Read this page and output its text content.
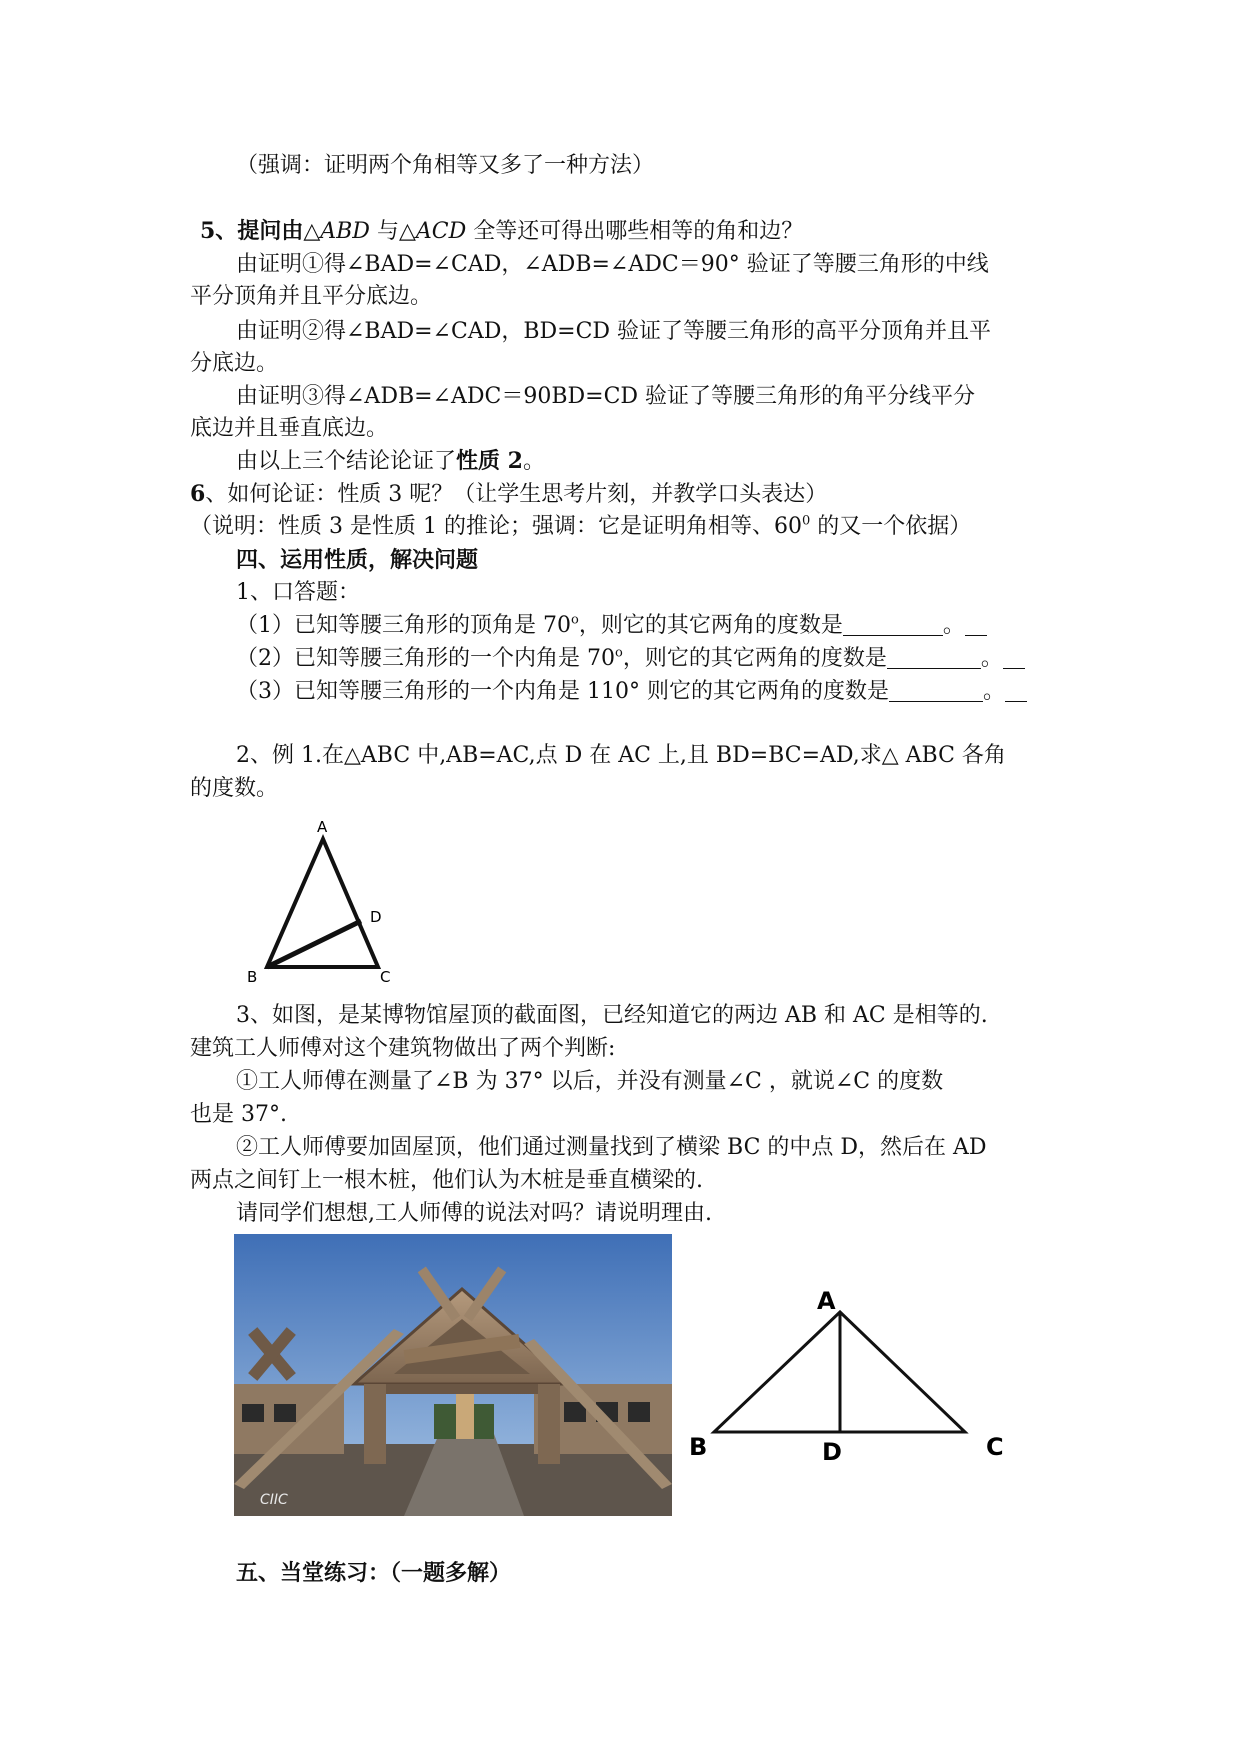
（强调：证明两个角相等又多了一种方法）
5、提问由△ABD 与△ACD 全等还可得出哪些相等的角和边？
由证明①得∠BAD=∠CAD，∠ADB=∠ADC＝90° 验证了等腰三角形的中线
平分顶角并且平分底边。
由证明②得∠BAD=∠CAD，BD=CD 验证了等腰三角形的高平分顶角并且平
分底边。
由证明③得∠ADB=∠ADC＝90BD=CD 验证了等腰三角形的角平分线平分
底边并且垂直底边。
由以上三个结论论证了性质 2。
6、如何论证：性质 3 呢？（让学生思考片刻，并教学口头表达）
（说明：性质 3 是性质 1 的推论；强调：它是证明角相等、$60^0$ 的又一个依据）
四、运用性质，解决问题
1、口答题：
（1）已知等腰三角形的顶角是 70$^o$，则它的其它两角的度数是	。
（2）已知等腰三角形的一个内角是 70$^o$，则它的其它两角的度数是	。
（3）已知等腰三角形的一个内角是 110° 则它的其它两角的度数是	。
2、例 1.在△ABC 中,AB=AC,点 D 在 AC 上,且 BD=BC=AD,求△ ABC 各角
的度数。
A
B	C
D
3、如图，是某博物馆屋顶的截面图，已经知道它的两边 AB 和 AC 是相等的.
建筑工人师傅对这个建筑物做出了两个判断:
①工人师傅在测量了∠B 为 37° 以后，并没有测量∠C ，就说∠C 的度数
也是 37°.
②工人师傅要加固屋顶，他们通过测量找到了横梁 BC 的中点 D，然后在 AD
两点之间钉上一根木桩，他们认为木桩是垂直横梁的.
请同学们想想,工人师傅的说法对吗？请说明理由.
CIIC
A
B	C
D
五、当堂练习：（一题多解）
